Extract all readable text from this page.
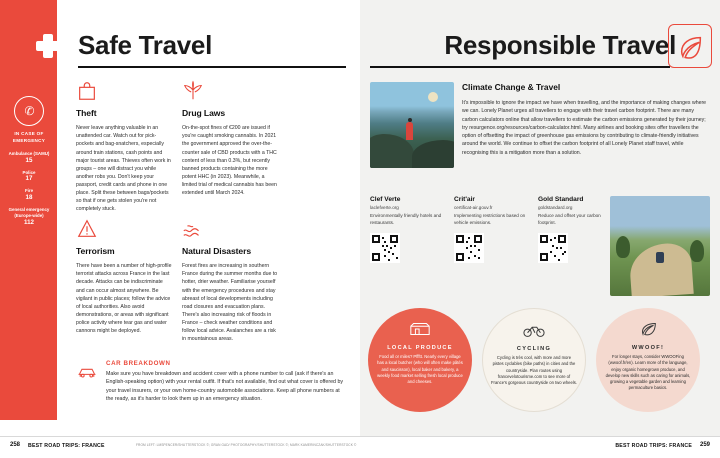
Safe Travel
✆
IN CASE OF EMERGENCY
Ambulance (SAMU)
15
Police
17
Fire
18
General emergency (Europe-wide)
112
Theft

Never leave anything valuable in an unattended car. Watch out for pick-pockets and bag-snatchers, especially around train stations, cash points and major tourist areas. Thieves often work in groups – one will distract you while another robs you. Don't keep your passport, credit cards and phone in one place. Split these between bags/pockets so that if one gets stolen you're not completely stuck.

Terrorism

There have been a number of high-profile terrorist attacks across France in the last decade. Attacks can be indiscriminate and can occur almost anywhere. Be vigilant in public places; follow the advice of local authorities. Also avoid demonstrations, or areas with significant police activity where tear gas and water cannons might be deployed.

Drug Laws

On-the-spot fines of €200 are issued if you're caught smoking cannabis. In 2021 the government approved the over-the-counter sale of CBD products with a THC content of less than 0.3%, but recently banned products containing the more potent HHC (in 2023). Meanwhile, a limited trial of medical cannabis has been extended until March 2024.

Natural Disasters

Forest fires are increasing in southern France during the summer months due to hotter, drier weather. Familiarise yourself with the emergency procedures and stay abreast of local developments including road closures and evacuation plans. There's also increasing risk of floods in France – check weather conditions and follow local advice. Avalanches are a risk in mountainous areas.

CAR BREAKDOWN

Make sure you have breakdown and accident cover with a phone number to call (ask if there's an English-speaking option) with your rental outfit. If that's not available, find out what cover is offered by your travel insurers, or your own home-country automobile associations. Keep all phone numbers at the ready, as it's harder to look them up in an emergency situation.

258 BEST ROAD TRIPS: FRANCE	FROM LEFT: LMSPENCER/SHUTTERSTOCK ©; GRAN GAD/ PHOTOGRAPHY/SHUTTERSTOCK ©; MARK KAMERINCZAK/SHUTTERSTOCK ©
Responsible Travel
Climate Change & Travel

It's impossible to ignore the impact we have when travelling, and the importance of making changes where we can. Lonely Planet urges all travellers to engage with their travel carbon footprint. There are many carbon calculators online that allow travellers to estimate the carbon emissions generated by their journey; try resurgence.org/resources/carbon-calculator.html. Many airlines and booking sites offer travellers the option of offsetting the impact of greenhouse gas emissions by contributing to climate-friendly initiatives around the world. We continue to offset the carbon footprint of all Lonely Planet staff travel, while recognising this is a mitigation more than a solution.

Clef Verte

laclefverte.org

Environmentally friendly hotels and restaurants.

Crit'air

certificat-air.gouv.fr

Implementing restrictions based on vehicle emissions.

Gold Standard

goldstandard.org

Reduce and offset your carbon footprint.

LOCAL PRODUCE
Food all or miles? Pffftt. Nearly every village has a local butcher (who will often make pâtés and saucisson), local baker and bakery, a weekly food market selling fresh local produce and cheeses.
CYCLING
Cycling is très cool, with more and more pistes cyclables (bike paths) in cities and the countryside. Plan routes using francevelotourisme.com to see more of France's gorgeous countryside on two wheels.
WWOOF!
For longer stays, consider WWOOFing (wwoof.fr/en). Learn more of the language, enjoy organic homegrown produce, and develop new skills such as caring for animals, growing a vegetable garden and learning permaculture basics.
259
BEST ROAD TRIPS: FRANCE
